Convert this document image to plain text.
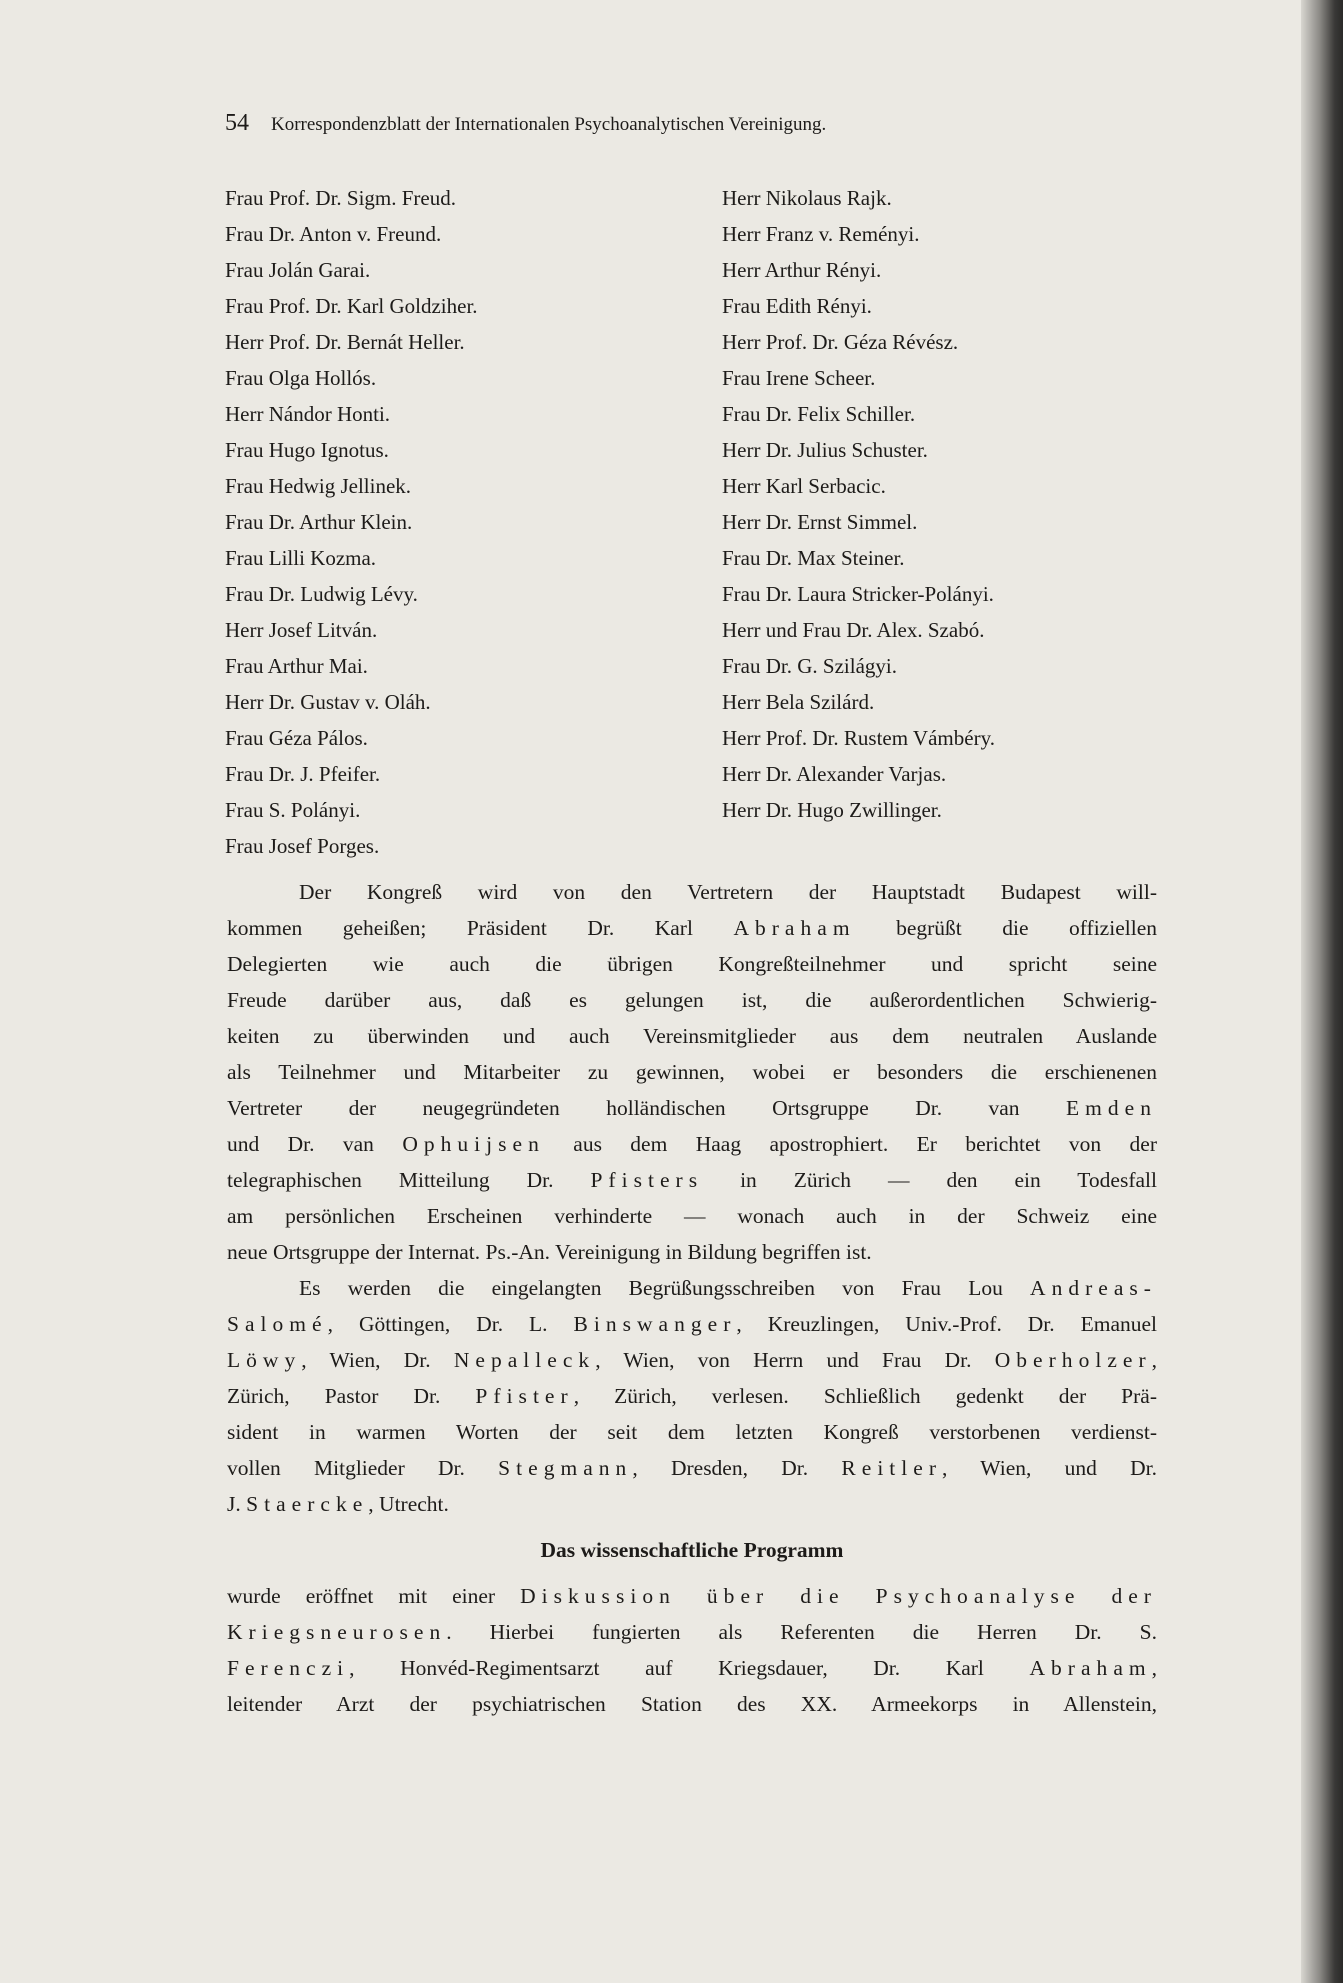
54 Korrespondenzblatt der Internationalen Psychoanalytischen Vereinigung.
Frau Prof. Dr. Sigm. Freud.
Frau Dr. Anton v. Freund.
Frau Jolán Garai.
Frau Prof. Dr. Karl Goldziher.
Herr Prof. Dr. Bernát Heller.
Frau Olga Hollós.
Herr Nándor Honti.
Frau Hugo Ignotus.
Frau Hedwig Jellinek.
Frau Dr. Arthur Klein.
Frau Lilli Kozma.
Frau Dr. Ludwig Lévy.
Herr Josef Litván.
Frau Arthur Mai.
Herr Dr. Gustav v. Oláh.
Frau Géza Pálos.
Frau Dr. J. Pfeifer.
Frau S. Polányi.
Frau Josef Porges.
Herr Nikolaus Rajk.
Herr Franz v. Reményi.
Herr Arthur Rényi.
Frau Edith Rényi.
Herr Prof. Dr. Géza Révész.
Frau Irene Scheer.
Frau Dr. Felix Schiller.
Herr Dr. Julius Schuster.
Herr Karl Serbacic.
Herr Dr. Ernst Simmel.
Frau Dr. Max Steiner.
Frau Dr. Laura Stricker-Polányi.
Herr und Frau Dr. Alex. Szabó.
Frau Dr. G. Szilágyi.
Herr Bela Szilárd.
Herr Prof. Dr. Rustem Vámbéry.
Herr Dr. Alexander Varjas.
Herr Dr. Hugo Zwillinger.
Der Kongreß wird von den Vertretern der Hauptstadt Budapest will-
kommen geheißen; Präsident Dr. Karl Abraham begrüßt die offiziellen
Delegierten wie auch die übrigen Kongreßteilnehmer und spricht seine
Freude darüber aus, daß es gelungen ist, die außerordentlichen Schwierig-
keiten zu überwinden und auch Vereinsmitglieder aus dem neutralen Auslande
als Teilnehmer und Mitarbeiter zu gewinnen, wobei er besonders die erschienenen
Vertreter der neugegründeten holländischen Ortsgruppe Dr. van Emden
und Dr. van Ophuijsen aus dem Haag apostrophiert. Er berichtet von der
telegraphischen Mitteilung Dr. Pfisters in Zürich — den ein Todesfall
am persönlichen Erscheinen verhinderte — wonach auch in der Schweiz eine
neue Ortsgruppe der Internat. Ps.-An. Vereinigung in Bildung begriffen ist.
Es werden die eingelangten Begrüßungsschreiben von Frau Lou Andreas-
Salomé, Göttingen, Dr. L. Binswanger, Kreuzlingen, Univ.-Prof. Dr. Emanuel
Löwy, Wien, Dr. Nepalleck, Wien, von Herrn und Frau Dr. Oberholzer,
Zürich, Pastor Dr. Pfister, Zürich, verlesen. Schließlich gedenkt der Prä-
sident in warmen Worten der seit dem letzten Kongreß verstorbenen verdienst-
vollen Mitglieder Dr. Stegmann, Dresden, Dr. Reitler, Wien, und Dr.
J. Staercke, Utrecht.
Das wissenschaftliche Programm
wurde eröffnet mit einer Diskussion über die Psychoanalyse der
Kriegsneurosen. Hierbei fungierten als Referenten die Herren Dr. S.
Ferenczi, Honvéd-Regimentsarzt auf Kriegsdauer, Dr. Karl Abraham,
leitender Arzt der psychiatrischen Station des XX. Armeekorps in Allenstein,
